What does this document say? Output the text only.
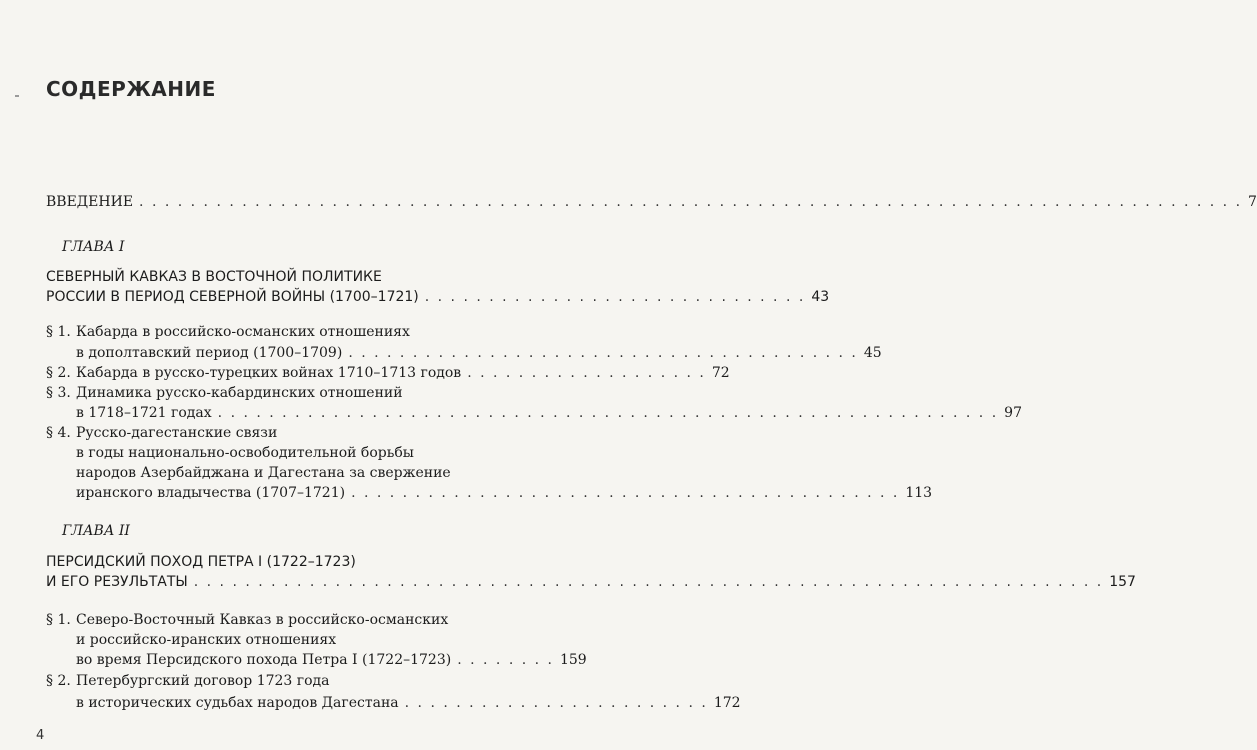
СОДЕРЖАНИЕ
ВВЕДЕНИЕ . . . . . . . . . . . . . . . . . . . . . . . . . . . . . . . . . . . . . . . . . . . . . . . . . . . . . . . . . . . . . . . . . . . . . . . . . . . . . . . . . . . . . . 7
ГЛАВА I
СЕВЕРНЫЙ КАВКАЗ В ВОСТОЧНОЙ ПОЛИТИКЕ
РОССИИ В ПЕРИОД СЕВЕРНОЙ ВОЙНЫ (1700–1721) . . . . . . . . . . . . . . . . . . . . . . . . . . . . . . 43
§ 1. Кабарда в российско-османских отношениях
в дополтавский период (1700–1709) . . . . . . . . . . . . . . . . . . . . . . . . . . . . . . . . . . . . . . . . 45
§ 2. Кабарда в русско-турецких войнах 1710–1713 годов . . . . . . . . . . . . . . . . . . . 72
§ 3. Динамика русско-кабардинских отношений
в 1718–1721 годах . . . . . . . . . . . . . . . . . . . . . . . . . . . . . . . . . . . . . . . . . . . . . . . . . . . . . . . . . . . . . 97
§ 4. Русско-дагестанские связи
в годы национально-освободительной борьбы
народов Азербайджана и Дагестана за свержение
иранского владычества (1707–1721) . . . . . . . . . . . . . . . . . . . . . . . . . . . . . . . . . . . . . . . . . . . 113
ГЛАВА II
ПЕРСИДСКИЙ ПОХОД ПЕТРА I (1722–1723)
И ЕГО РЕЗУЛЬТАТЫ . . . . . . . . . . . . . . . . . . . . . . . . . . . . . . . . . . . . . . . . . . . . . . . . . . . . . . . . . . . . . . . . . . . . . . . 157
§ 1. Северо-Восточный Кавказ в российско-османских
и российско-иранских отношениях
во время Персидского похода Петра I (1722–1723) . . . . . . . . 159
§ 2. Петербургский договор 1723 года
в исторических судьбах народов Дагестана . . . . . . . . . . . . . . . . . . . . . . . . 172
4
